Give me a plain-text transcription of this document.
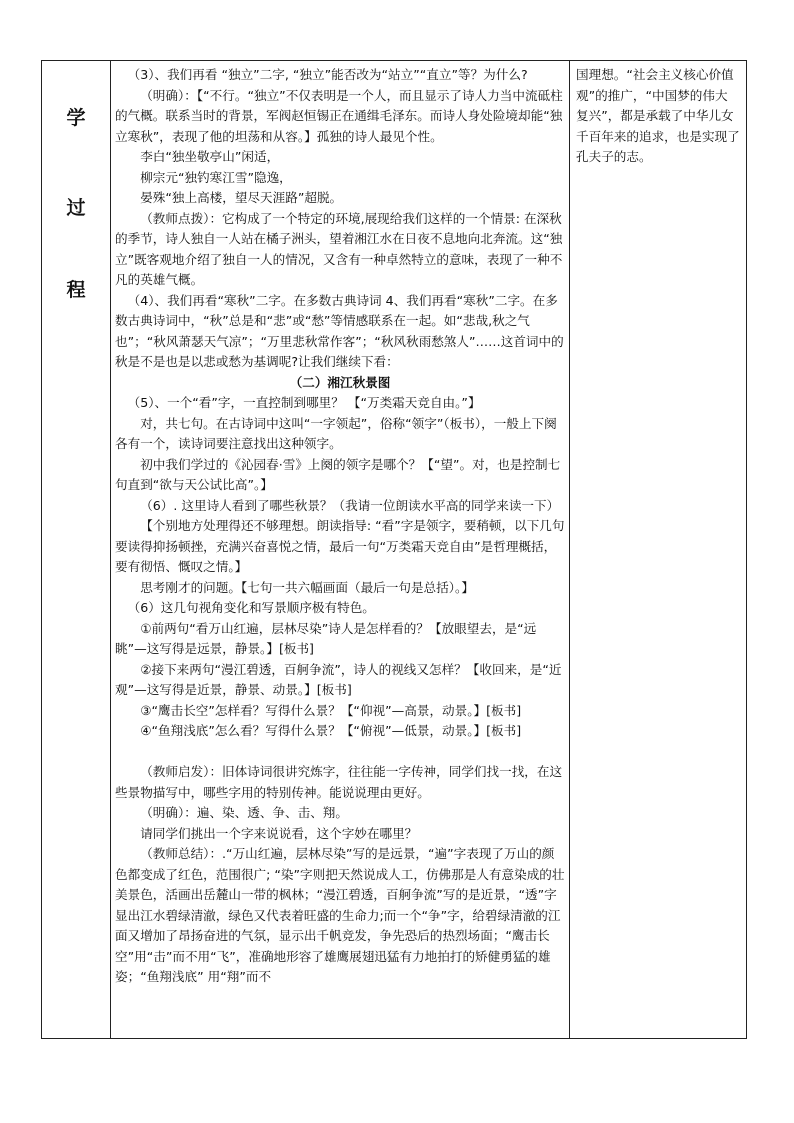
学
过
程

（3）、我们再看 “独立”二字, “独立”能否改为“站立”“直立”等？为什么?

（明确）：【“不行。“独立”不仅表明是一个人，而且显示了诗人力当中流砥柱的气概。联系当时的背景，军阀赵恒锡正在通缉毛泽东。而诗人身处险境却能“独立寒秋”，表现了他的坦荡和从容。】孤独的诗人最见个性。

李白“独坐敬亭山”闲适，

柳宗元“独钓寒江雪”隐逸，

晏殊“独上高楼，望尽天涯路”超脱。

（教师点拨）：它构成了一个特定的环境,展现给我们这样的一个情景: 在深秋的季节，诗人独自一人站在橘子洲头，望着湘江水在日夜不息地向北奔流。这“独立”既客观地介绍了独自一人的情况，又含有一种卓然特立的意味，表现了一种不凡的英雄气概。

（4）、我们再看“寒秋”二字。在多数古典诗词 4、我们再看“寒秋”二字。在多数古典诗词中，“秋”总是和“悲”或“愁”等情感联系在一起。如“悲哉,秋之气也”；“秋风萧瑟天气凉”；“万里悲秋常作客”；“秋风秋雨愁煞人”……这首词中的秋是不是也是以悲或愁为基调呢?让我们继续下看：

（二）湘江秋景图

（5）、一个“看”字，一直控制到哪里？ 【“万类霜天竞自由。”】

对，共七句。在古诗词中这叫“一字领起”，俗称“领字”（板书），一般上下阕各有一个，读诗词要注意找出这种领字。

初中我们学过的《沁园春·雪》上阕的领字是哪个？【“望”。对，也是控制七句直到“欲与天公试比高”。】

（6）. 这里诗人看到了哪些秋景？（我请一位朗读水平高的同学来读一下）

【个别地方处理得还不够理想。朗读指导: “看”字是领字，要稍顿，以下几句要读得抑扬顿挫，充满兴奋喜悦之情，最后一句“万类霜天竞自由”是哲理概括，要有彻悟、慨叹之情。】

思考刚才的问题。【七句一共六幅画面（最后一句是总括）。】

（6）这几句视角变化和写景顺序极有特色。

①前两句“看万山红遍，层林尽染”诗人是怎样看的？【放眼望去，是“远眺”—这写得是远景，静景。】[板书]

②接下来两句“漫江碧透，百舸争流”，诗人的视线又怎样？【收回来，是“近观”—这写得是近景，静景、动景。】[板书]

③“鹰击长空”怎样看？写得什么景？【“仰视”—高景，动景。】[板书]

④“鱼翔浅底”怎么看？写得什么景？【“俯视”—低景，动景。】[板书]

（教师启发）：旧体诗词很讲究炼字，往往能一字传神，同学们找一找，在这些景物描写中，哪些字用的特别传神。能说说理由更好。

（明确）：遍、染、透、争、击、翔。

请同学们挑出一个字来说说看，这个字妙在哪里？

（教师总结）：.“万山红遍，层林尽染”写的是远景，“遍”字表现了万山的颜色都变成了红色，范围很广; “染”字则把天然说成人工，仿佛那是人有意染成的壮美景色，活画出岳麓山一带的枫林；“漫江碧透，百舸争流”写的是近景，“透”字显出江水碧绿清澈，绿色又代表着旺盛的生命力;而一个“争”字，给碧绿清澈的江面又增加了昂扬奋进的气氛，显示出千帆竞发，争先恐后的热烈场面；“鹰击长空”用“击”而不用“飞”，准确地形容了雄鹰展翅迅猛有力地拍打的矫健勇猛的雄姿；“鱼翔浅底” 用“翔”而不

国理想。“社会主义核心价值观”的推广，“中国梦的伟大复兴”，都是承载了中华儿女千百年来的追求，也是实现了孔夫子的志。
